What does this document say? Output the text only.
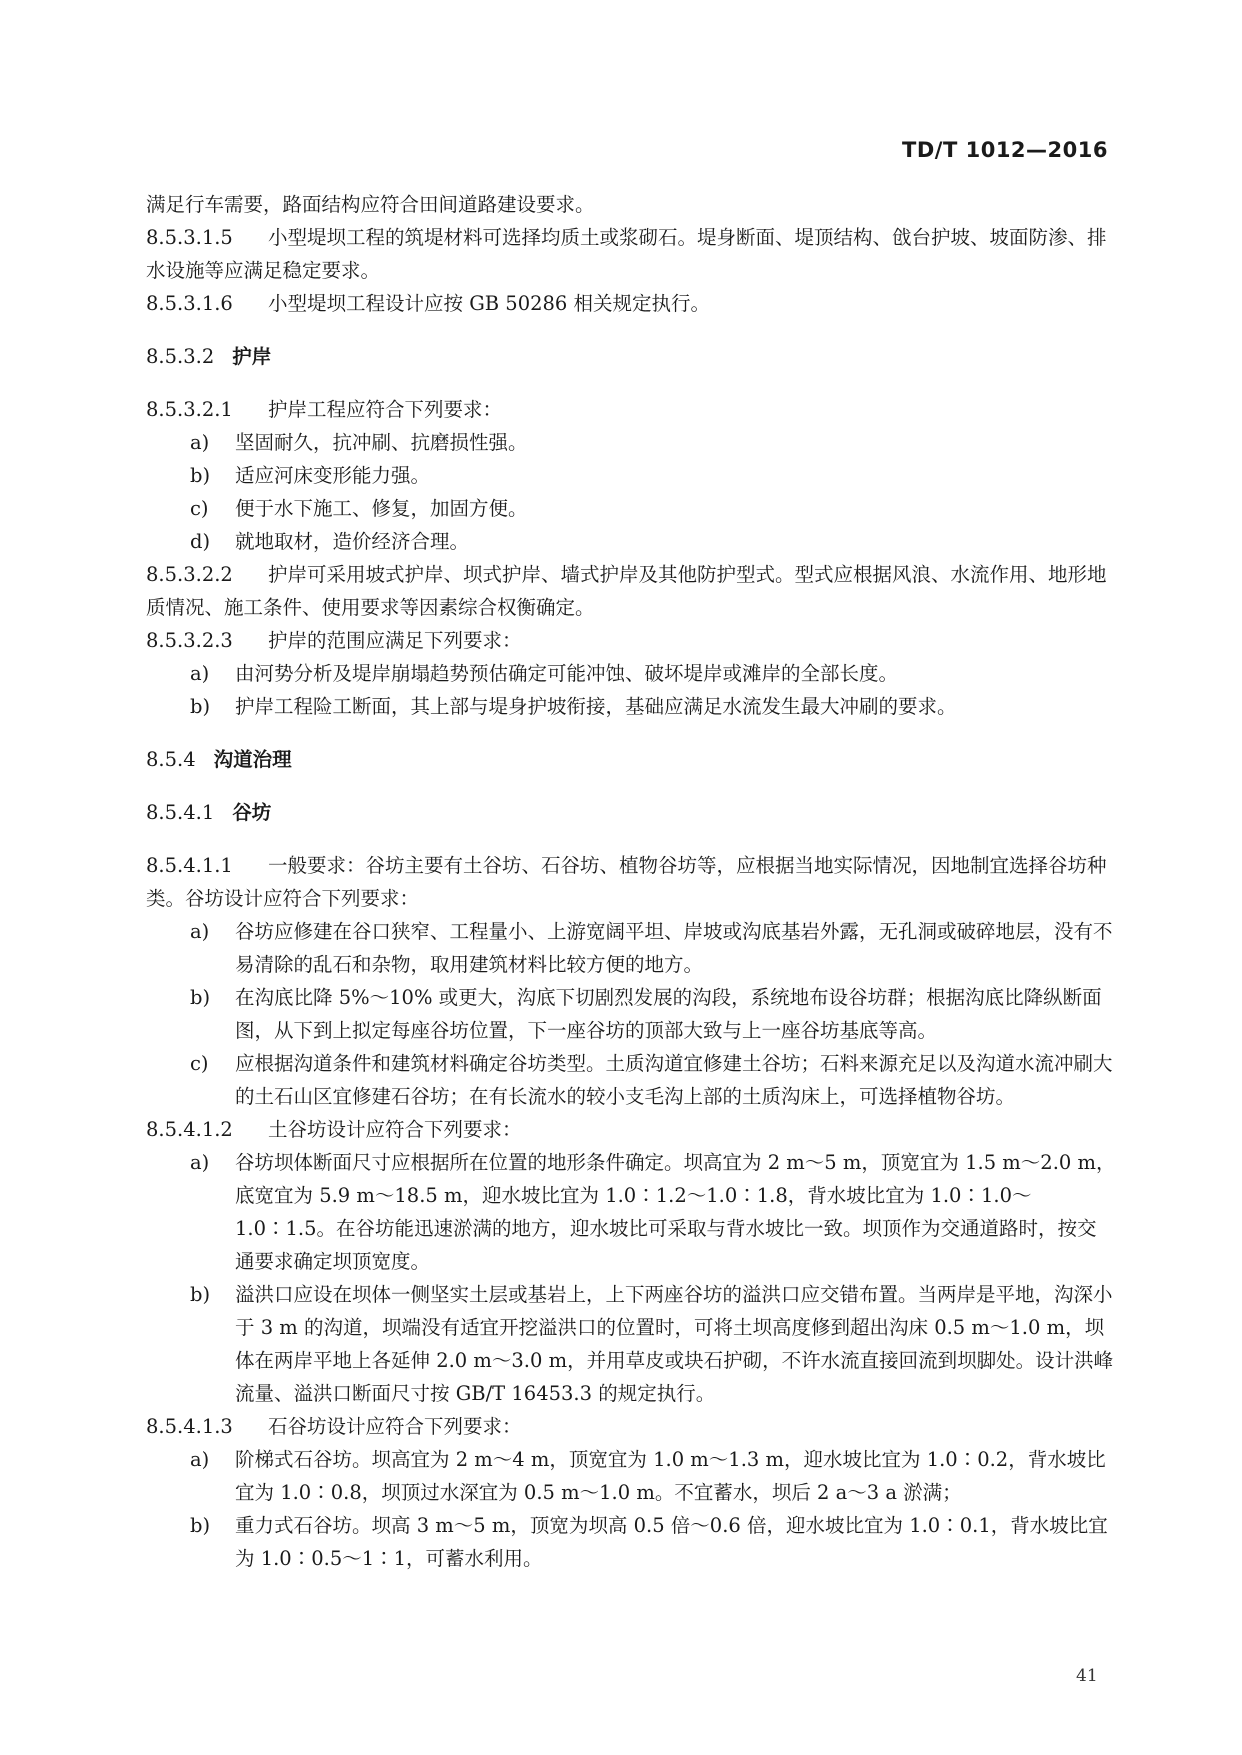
TD/T 1012—2016

满足行车需要，路面结构应符合田间道路建设要求。

8.5.3.1.5 小型堤坝工程的筑堤材料可选择均质土或浆砌石。堤身断面、堤顶结构、戗台护坡、坡面防渗、排水设施等应满足稳定要求。

8.5.3.1.6 小型堤坝工程设计应按 GB 50286 相关规定执行。

8.5.3.2 护岸

8.5.3.2.1 护岸工程应符合下列要求：

a)	坚固耐久，抗冲刷、抗磨损性强。
b)	适应河床变形能力强。
c)	便于水下施工、修复，加固方便。
d)	就地取材，造价经济合理。

8.5.3.2.2 护岸可采用坡式护岸、坝式护岸、墙式护岸及其他防护型式。型式应根据风浪、水流作用、地形地质情况、施工条件、使用要求等因素综合权衡确定。

8.5.3.2.3 护岸的范围应满足下列要求：

a)	由河势分析及堤岸崩塌趋势预估确定可能冲蚀、破坏堤岸或滩岸的全部长度。
b)	护岸工程险工断面，其上部与堤身护坡衔接，基础应满足水流发生最大冲刷的要求。
8.5.4 沟道治理
8.5.4.1 谷坊

8.5.4.1.1 一般要求：谷坊主要有土谷坊、石谷坊、植物谷坊等，应根据当地实际情况，因地制宜选择谷坊种类。谷坊设计应符合下列要求：

a)	谷坊应修建在谷口狭窄、工程量小、上游宽阔平坦、岸坡或沟底基岩外露，无孔洞或破碎地层，没有不易清除的乱石和杂物，取用建筑材料比较方便的地方。
b)	在沟底比降 5%～10% 或更大，沟底下切剧烈发展的沟段，系统地布设谷坊群；根据沟底比降纵断面图，从下到上拟定每座谷坊位置，下一座谷坊的顶部大致与上一座谷坊基底等高。
c)	应根据沟道条件和建筑材料确定谷坊类型。土质沟道宜修建土谷坊；石料来源充足以及沟道水流冲刷大的土石山区宜修建石谷坊；在有长流水的较小支毛沟上部的土质沟床上，可选择植物谷坊。

8.5.4.1.2 土谷坊设计应符合下列要求：

a)	谷坊坝体断面尺寸应根据所在位置的地形条件确定。坝高宜为 2 m～5 m，顶宽宜为 1.5 m～2.0 m，底宽宜为 5.9 m～18.5 m，迎水坡比宜为 1.0∶1.2～1.0∶1.8，背水坡比宜为 1.0∶1.0～1.0∶1.5。在谷坊能迅速淤满的地方，迎水坡比可采取与背水坡比一致。坝顶作为交通道路时，按交通要求确定坝顶宽度。
b)	溢洪口应设在坝体一侧坚实土层或基岩上，上下两座谷坊的溢洪口应交错布置。当两岸是平地，沟深小于 3 m 的沟道，坝端没有适宜开挖溢洪口的位置时，可将土坝高度修到超出沟床 0.5 m～1.0 m，坝体在两岸平地上各延伸 2.0 m～3.0 m，并用草皮或块石护砌，不许水流直接回流到坝脚处。设计洪峰流量、溢洪口断面尺寸按 GB/T 16453.3 的规定执行。

8.5.4.1.3 石谷坊设计应符合下列要求：

a)	阶梯式石谷坊。坝高宜为 2 m～4 m，顶宽宜为 1.0 m～1.3 m，迎水坡比宜为 1.0∶0.2，背水坡比宜为 1.0∶0.8，坝顶过水深宜为 0.5 m～1.0 m。不宜蓄水，坝后 2 a～3 a 淤满；
b)	重力式石谷坊。坝高 3 m～5 m，顶宽为坝高 0.5 倍～0.6 倍，迎水坡比宜为 1.0∶0.1，背水坡比宜为 1.0∶0.5～1∶1，可蓄水利用。
41
